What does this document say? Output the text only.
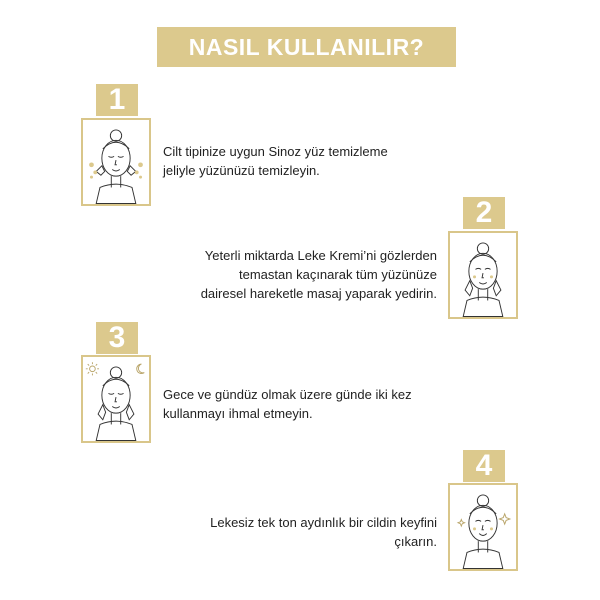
NASIL KULLANILIR?
1
Cilt tipinize uygun Sinoz yüz temizleme
jeliyle yüzünüzü temizleyin.
2
Yeterli miktarda Leke Kremi’ni gözlerden
temastan kaçınarak tüm yüzünüze
dairesel hareketle masaj yaparak yedirin.
3
Gece ve gündüz olmak üzere günde iki kez
kullanmayı ihmal etmeyin.
4
Lekesiz tek ton aydınlık bir cildin keyfini
çıkarın.
